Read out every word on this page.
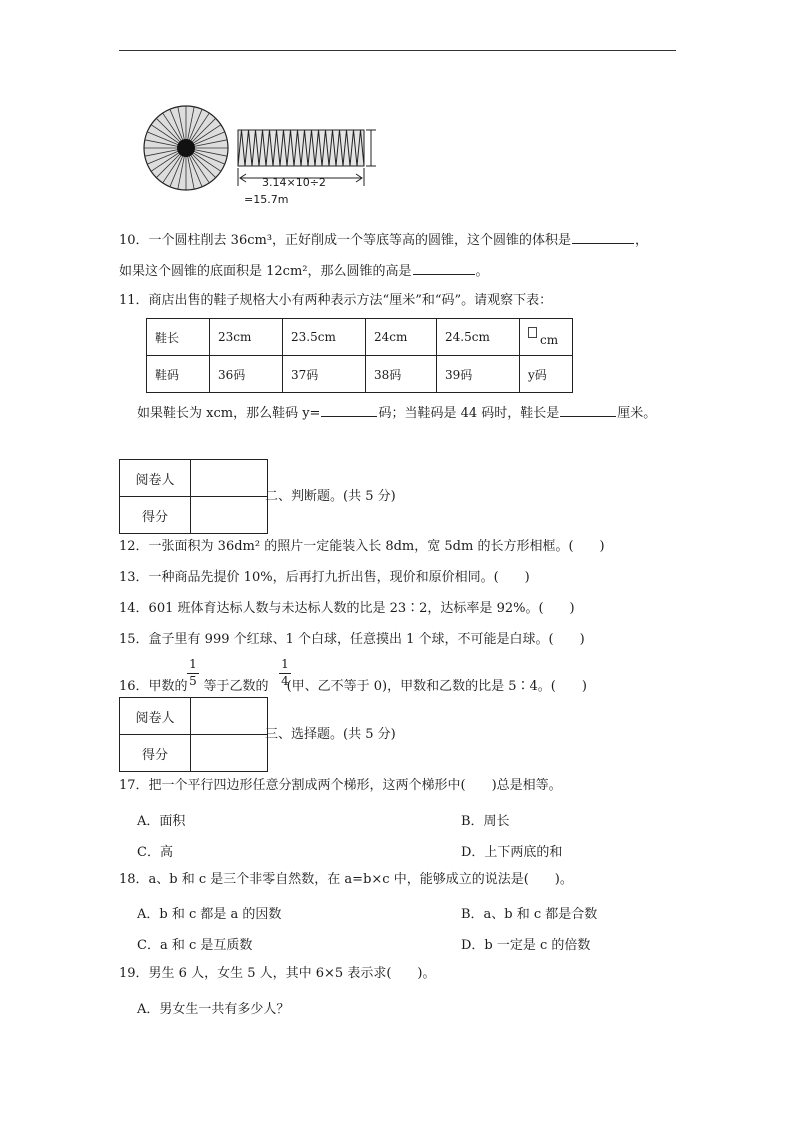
3.14×10÷2
=15.7m
10．一个圆柱削去 36cm³，正好削成一个等底等高的圆锥，这个圆锥的体积是	，
如果这个圆锥的底面积是 12cm²，那么圆锥的高是	。
11．商店出售的鞋子规格大小有两种表示方法“厘米”和“码”。请观察下表：
鞋长	23cm	23.5cm	24cm	24.5cm	cm
鞋码	36码	37码	38码	39码	y码
如果鞋长为 xcm，那么鞋码 y=	码；当鞋码是 44 码时，鞋长是	厘米。
阅卷人	
得分	
二、判断题。(共 5 分)
12．一张面积为 36dm² 的照片一定能装入长 8dm，宽 5dm 的长方形相框。(　　)
13．一种商品先提价 10%，后再打九折出售，现价和原价相同。(　　)
14．601 班体育达标人数与未达标人数的比是 23∶2，达标率是 92%。(　　)
15．盒子里有 999 个红球、1 个白球，任意摸出 1 个球，不可能是白球。(　　)
16．甲数的 等于乙数的 (甲、乙不等于 0)，甲数和乙数的比是 5∶4。(　　)
$\frac{1}{5}$	$\frac{1}{4}$
阅卷人	
得分	
三、选择题。(共 5 分)
17．把一个平行四边形任意分割成两个梯形，这两个梯形中(　　)总是相等。
A．面积	B．周长
C．高	D．上下两底的和
18．a、b 和 c 是三个非零自然数，在 a=b×c 中，能够成立的说法是(　　)。
A．b 和 c 都是 a 的因数	B．a、b 和 c 都是合数
C．a 和 c 是互质数	D．b 一定是 c 的倍数
19．男生 6 人，女生 5 人，其中 6×5 表示求(　　)。
A．男女生一共有多少人？
